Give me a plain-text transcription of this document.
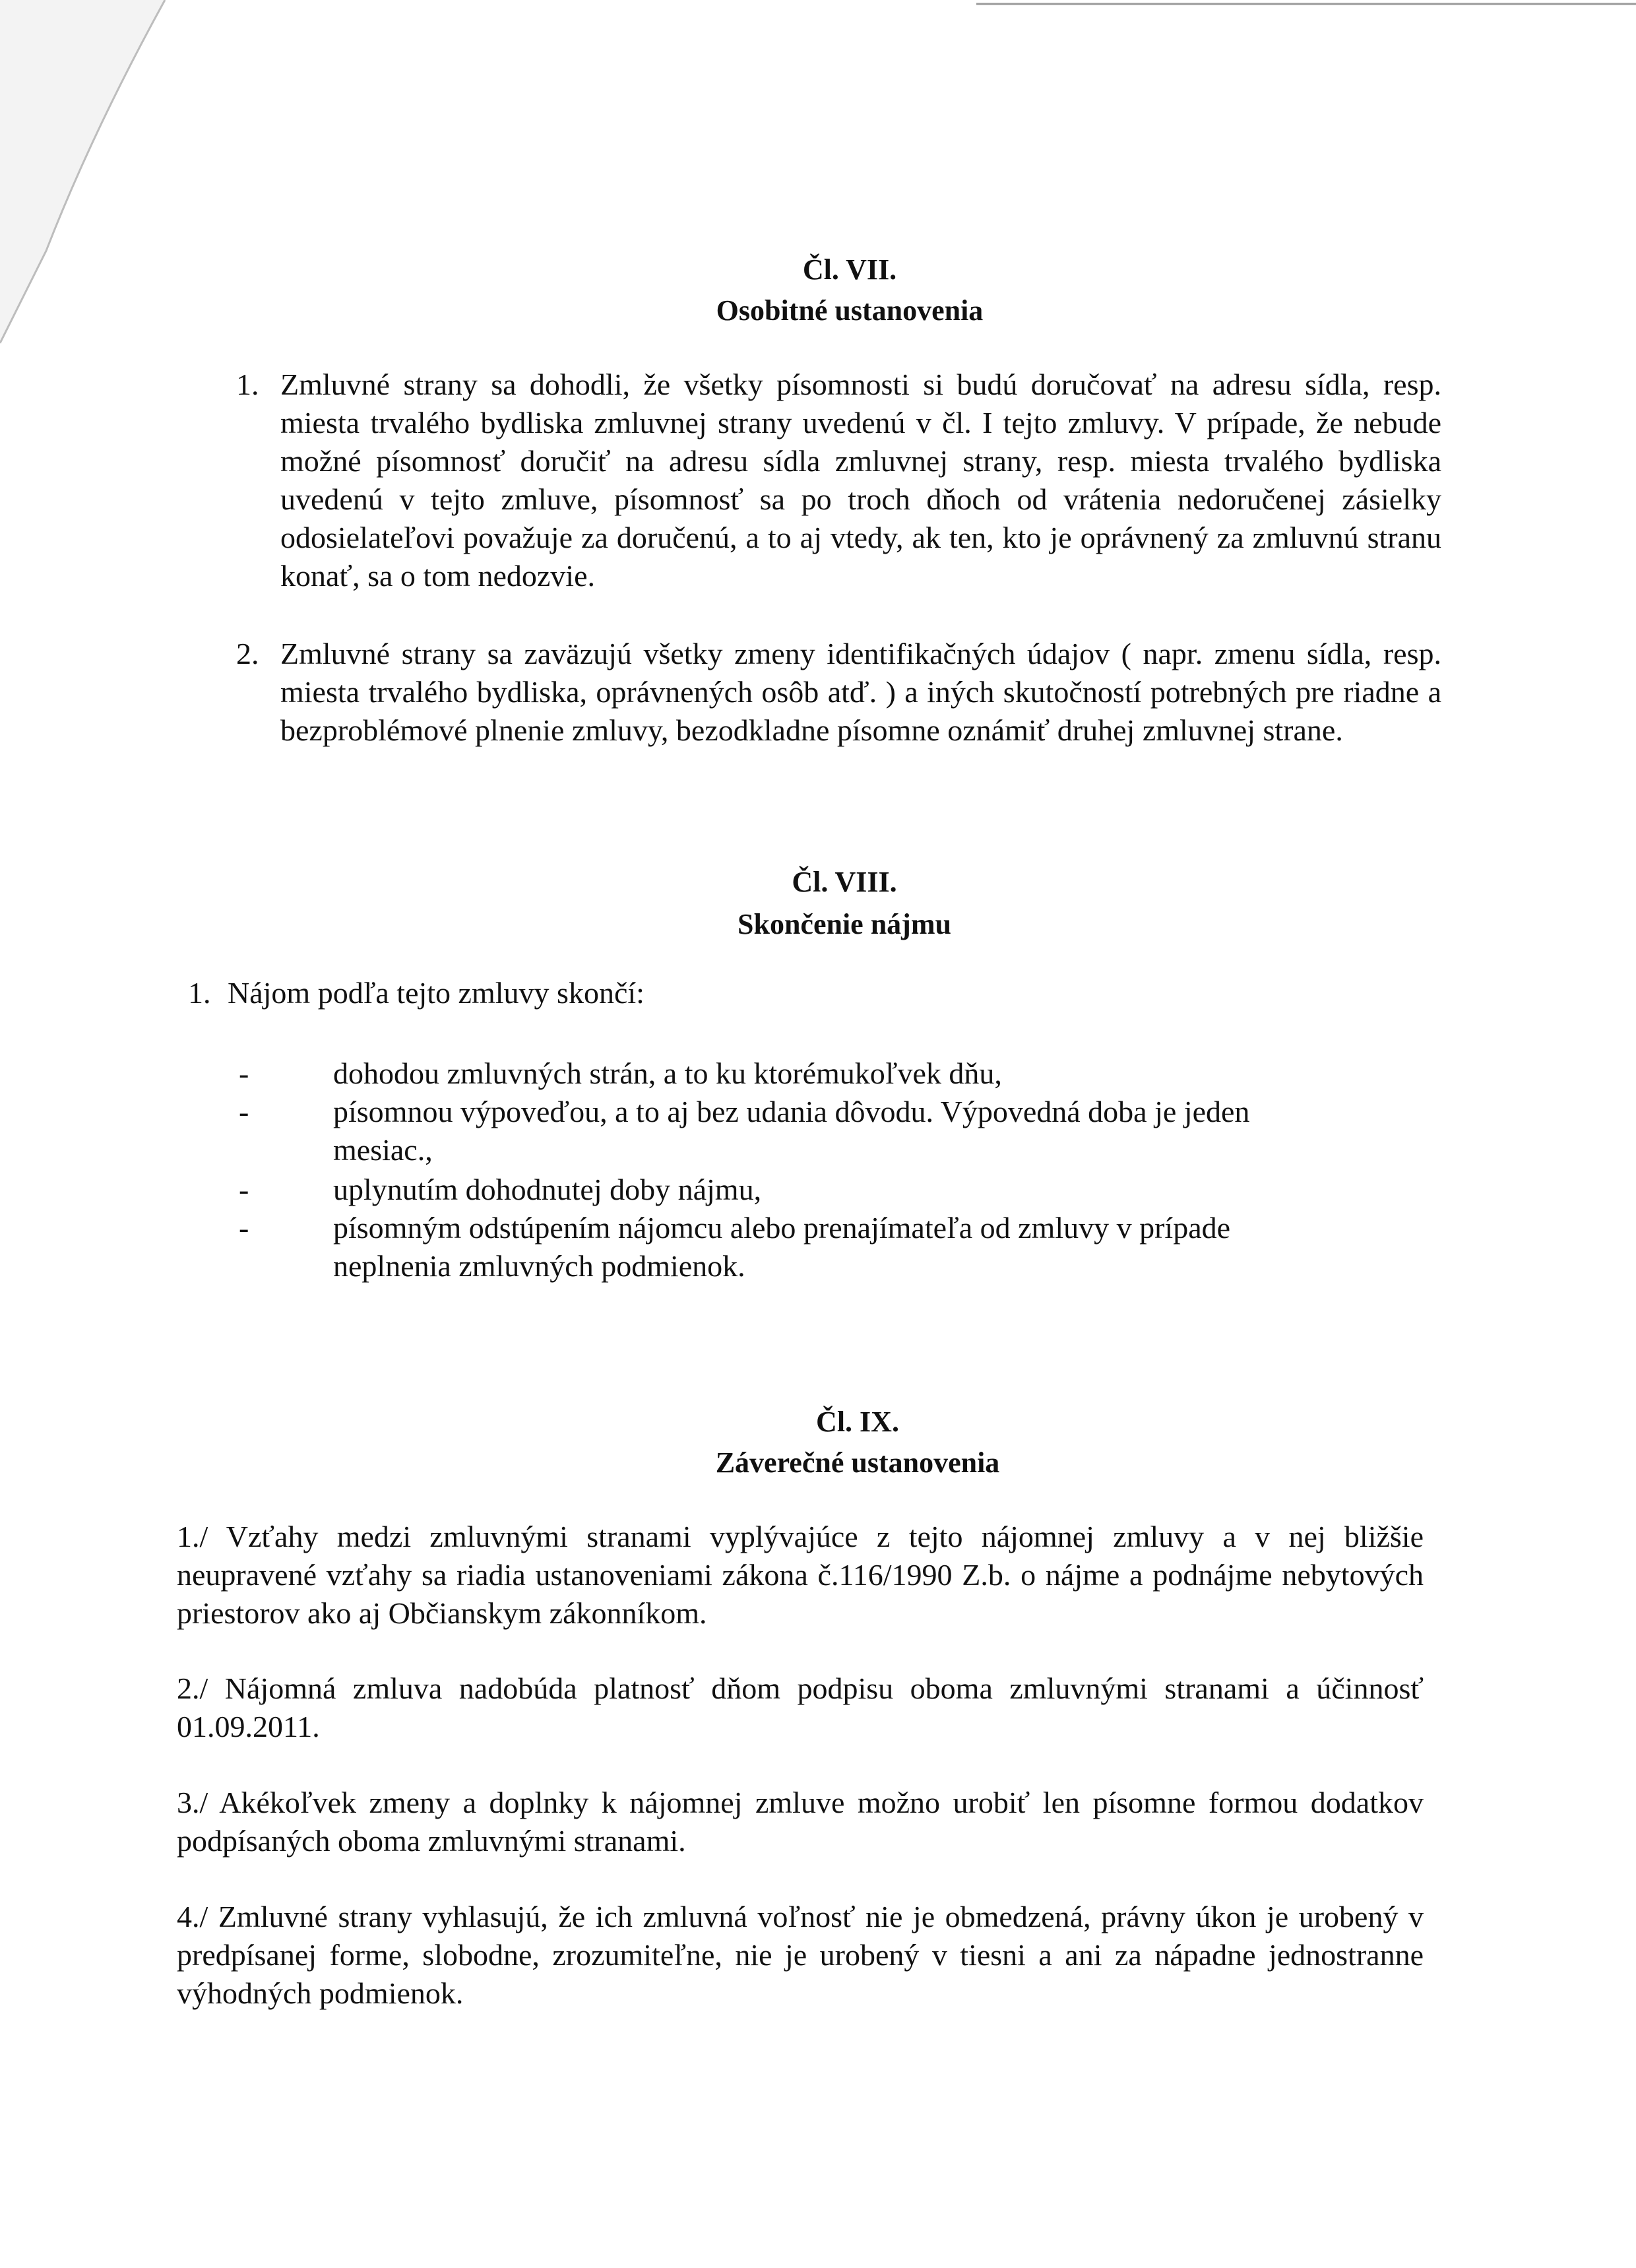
Čl. VII.
Osobitné ustanovenia
1. Zmluvné strany sa dohodli, že všetky písomnosti si budú doručovať na adresu sídla, resp. miesta trvalého bydliska zmluvnej strany uvedenú v čl. I tejto zmluvy. V prípade, že nebude možné písomnosť doručiť na adresu sídla zmluvnej strany, resp. miesta trvalého bydliska uvedenú v tejto zmluve, písomnosť sa po troch dňoch od vrátenia nedoručenej zásielky odosielateľovi považuje za doručenú, a to aj vtedy, ak ten, kto je oprávnený za zmluvnú stranu konať, sa o tom nedozvie.
2. Zmluvné strany sa zaväzujú všetky zmeny identifikačných údajov ( napr. zmenu sídla, resp. miesta trvalého bydliska, oprávnených osôb atď. ) a iných skutočností potrebných pre riadne a bezproblémové plnenie zmluvy, bezodkladne písomne oznámiť druhej zmluvnej strane.
Čl. VIII.
Skončenie nájmu
1. Nájom podľa tejto zmluvy skončí:
-	dohodou zmluvných strán, a to ku ktorémukoľvek dňu,
-	písomnou výpoveďou, a to aj bez udania dôvodu. Výpovedná doba je jeden mesiac.,
-	uplynutím dohodnutej doby nájmu,
-	písomným odstúpením nájomcu alebo prenajímateľa od zmluvy v prípade neplnenia zmluvných podmienok.
Čl. IX.
Záverečné ustanovenia
1./ Vzťahy medzi zmluvnými stranami vyplývajúce z tejto nájomnej zmluvy a v nej bližšie neupravené vzťahy sa riadia ustanoveniami zákona č.116/1990 Z.b. o nájme a podnájme nebytových priestorov ako aj Občianskym zákonníkom.
2./ Nájomná zmluva nadobúda platnosť dňom podpisu oboma zmluvnými stranami a účinnosť 01.09.2011.
3./ Akékoľvek zmeny a doplnky k nájomnej zmluve možno urobiť len písomne formou dodatkov podpísaných oboma zmluvnými stranami.
4./ Zmluvné strany vyhlasujú, že ich zmluvná voľnosť nie je obmedzená, právny úkon je urobený v predpísanej forme, slobodne, zrozumiteľne, nie je urobený v tiesni a ani za nápadne jednostranne výhodných podmienok.
